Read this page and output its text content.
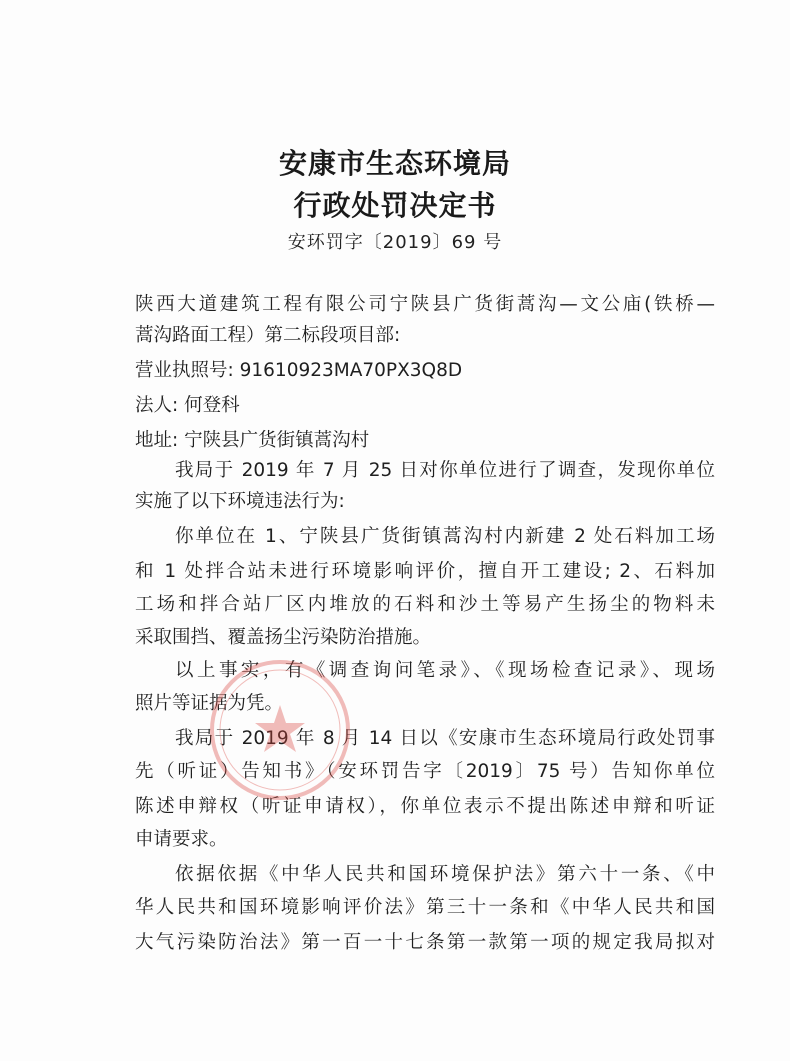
安康市生态环境局
行政处罚决定书
安环罚字〔2019〕69 号
陕西大道建筑工程有限公司宁陕县广货街蒿沟—文公庙(铁桥—
蒿沟路面工程）第二标段项目部:
营业执照号: 91610923MA70PX3Q8D
法人: 何登科
地址: 宁陕县广货街镇蒿沟村
我局于 2019 年 7 月 25 日对你单位进行了调查，发现你单位
实施了以下环境违法行为:
你单位在 1、宁陕县广货街镇蒿沟村内新建 2 处石料加工场
和 1 处拌合站未进行环境影响评价，擅自开工建设; 2、石料加
工场和拌合站厂区内堆放的石料和沙土等易产生扬尘的物料未
采取围挡、覆盖扬尘污染防治措施。
以上事实，有《调查询问笔录》、《现场检查记录》、现场
照片等证据为凭。
我局于 2019 年 8 月 14 日以《安康市生态环境局行政处罚事
先（听证）告知书》（安环罚告字〔2019〕75 号）告知你单位
陈述申辩权（听证申请权），你单位表示不提出陈述申辩和听证
申请要求。
依据依据《中华人民共和国环境保护法》第六十一条、《中
华人民共和国环境影响评价法》第三十一条和《中华人民共和国
大气污染防治法》第一百一十七条第一款第一项的规定我局拟对
